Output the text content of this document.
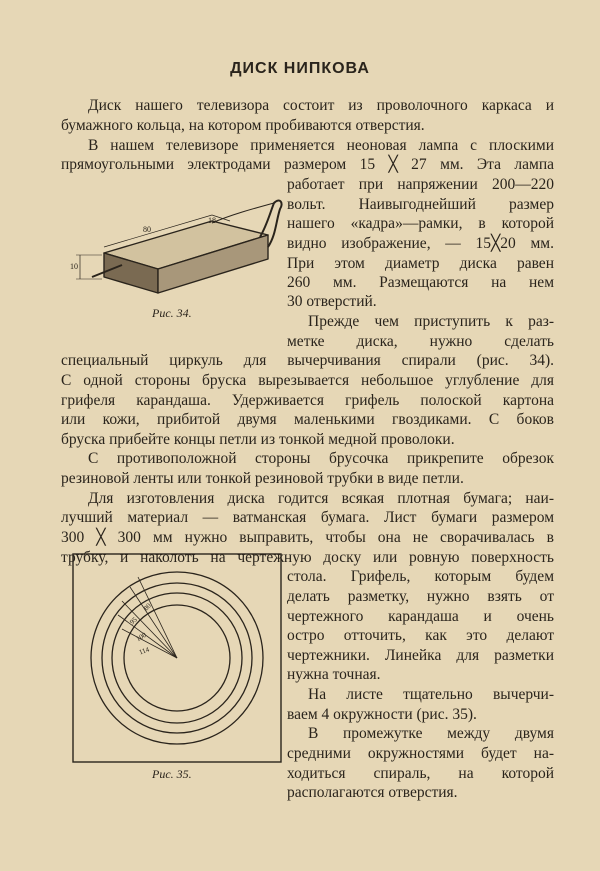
ДИСК НИПКОВА
Диск нашего телевизора состоит из проволочного каркаса и
бумажного кольца, на котором пробиваются отверстия.
В нашем телевизоре применяется неоновая лампа с плоскими
прямоугольными электродами размером 15 ╳ 27 мм. Эта лампа
работает при напряжении 200—220
вольт. Наивыгоднейший размер
нашего «кадра»—рамки, в которой
видно изображение, — 15╳20 мм.
При этом диаметр диска равен
260 мм. Размещаются на нем
30 отверстий.
Прежде чем приступить к раз-
метке диска, нужно сделать
специальный циркуль для вычерчивания спирали (рис. 34).
С одной стороны бруска вырезывается небольшое углубление для
грифеля карандаша. Удерживается грифель полоской картона
или кожи, прибитой двумя маленькими гвоздиками. С боков
бруска прибейте концы петли из тонкой медной проволоки.
С противоположной стороны брусочка прикрепите обрезок
резиновой ленты или тонкой резиновой трубки в виде петли.
Для изготовления диска годится всякая плотная бумага; наи-
лучший материал — ватманская бумага. Лист бумаги размером
300 ╳ 300 мм нужно выправить, чтобы она не сворачивалась в
трубку, и наколоть на чертежную доску или ровную поверхность
стола. Грифель, которым будем
делать разметку, нужно взять от
чертежного карандаша и очень
остро отточить, как это делают
чертежники. Линейка для разметки
нужна точная.
На листе тщательно вычерчи-
ваем 4 окружности (рис. 35).
В промежутке между двумя
средними окружностями будет на-
ходиться спираль, на которой
располагаются отверстия.
80
18
10
Рис. 34.
80
95
100
114
Рис. 35.
